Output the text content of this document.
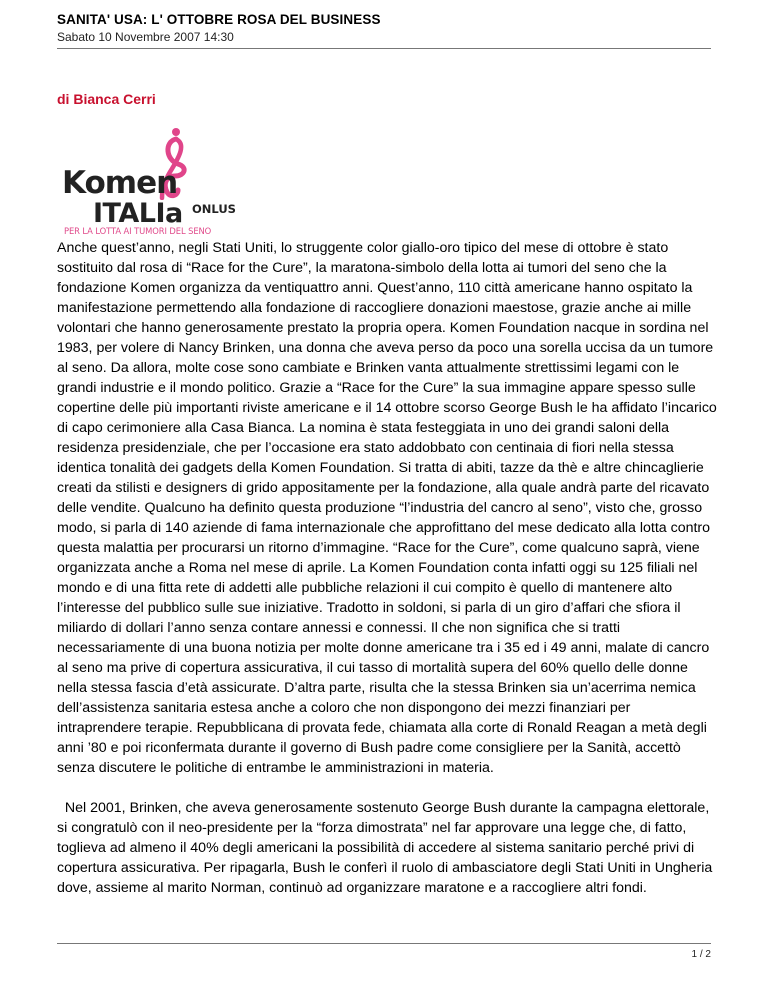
SANITA' USA: L' OTTOBRE ROSA DEL BUSINESS
Sabato 10 Novembre 2007 14:30
di Bianca Cerri
Komen
ITALIa ONLUS
PER LA LOTTA AI TUMORI DEL SENO

Anche quest’anno, negli Stati Uniti, lo struggente color giallo-oro tipico del mese di ottobre è stato sostituito dal rosa di “Race for the Cure”, la maratona-simbolo della lotta ai tumori del seno che la fondazione Komen organizza da ventiquattro anni. Quest’anno, 110 città americane hanno ospitato la manifestazione permettendo alla fondazione di raccogliere donazioni maestose, grazie anche ai mille volontari che hanno generosamente prestato la propria opera. Komen Foundation nacque in sordina nel 1983, per volere di Nancy Brinken, una donna che aveva perso da poco una sorella uccisa da un tumore al seno. Da allora, molte cose sono cambiate e Brinken vanta attualmente strettissimi legami con le grandi industrie e il mondo politico. Grazie a “Race for the Cure” la sua immagine appare spesso sulle copertine delle più importanti riviste americane e il 14 ottobre scorso George Bush le ha affidato l’incarico di capo cerimoniere alla Casa Bianca. La nomina è stata festeggiata in uno dei grandi saloni della residenza presidenziale, che per l’occasione era stato addobbato con centinaia di fiori nella stessa identica tonalità dei gadgets della Komen Foundation. Si tratta di abiti, tazze da thè e altre chincaglierie creati da stilisti e designers di grido appositamente per la fondazione, alla quale andrà parte del ricavato delle vendite. Qualcuno ha definito questa produzione “l’industria del cancro al seno”, visto che, grosso modo, si parla di 140 aziende di fama internazionale che approfittano del mese dedicato alla lotta contro questa malattia per procurarsi un ritorno d’immagine. “Race for the Cure”, come qualcuno saprà, viene organizzata anche a Roma nel mese di aprile. La Komen Foundation conta infatti oggi su 125 filiali nel mondo e di una fitta rete di addetti alle pubbliche relazioni il cui compito è quello di mantenere alto l’interesse del pubblico sulle sue iniziative. Tradotto in soldoni, si parla di un giro d’affari che sfiora il miliardo di dollari l’anno senza contare annessi e connessi. Il che non significa che si tratti necessariamente di una buona notizia per molte donne americane tra i 35 ed i 49 anni, malate di cancro al seno ma prive di copertura assicurativa, il cui tasso di mortalità supera del 60% quello delle donne nella stessa fascia d’età assicurate. D’altra parte, risulta che la stessa Brinken sia un’acerrima nemica dell’assistenza sanitaria estesa anche a coloro che non dispongono dei mezzi finanziari per intraprendere terapie. Repubblicana di provata fede, chiamata alla corte di Ronald Reagan a metà degli anni ’80 e poi riconfermata durante il governo di Bush padre come consigliere per la Sanità, accettò senza discutere le politiche di entrambe le amministrazioni in materia.

Nel 2001, Brinken, che aveva generosamente sostenuto George Bush durante la campagna elettorale, si congratulò con il neo-presidente per la “forza dimostrata” nel far approvare una legge che, di fatto, toglieva ad almeno il 40% degli americani la possibilità di accedere al sistema sanitario perché privi di copertura assicurativa. Per ripagarla, Bush le conferì il ruolo di ambasciatore degli Stati Uniti in Ungheria dove, assieme al marito Norman, continuò ad organizzare maratone e a raccogliere altri fondi.

1 / 2
